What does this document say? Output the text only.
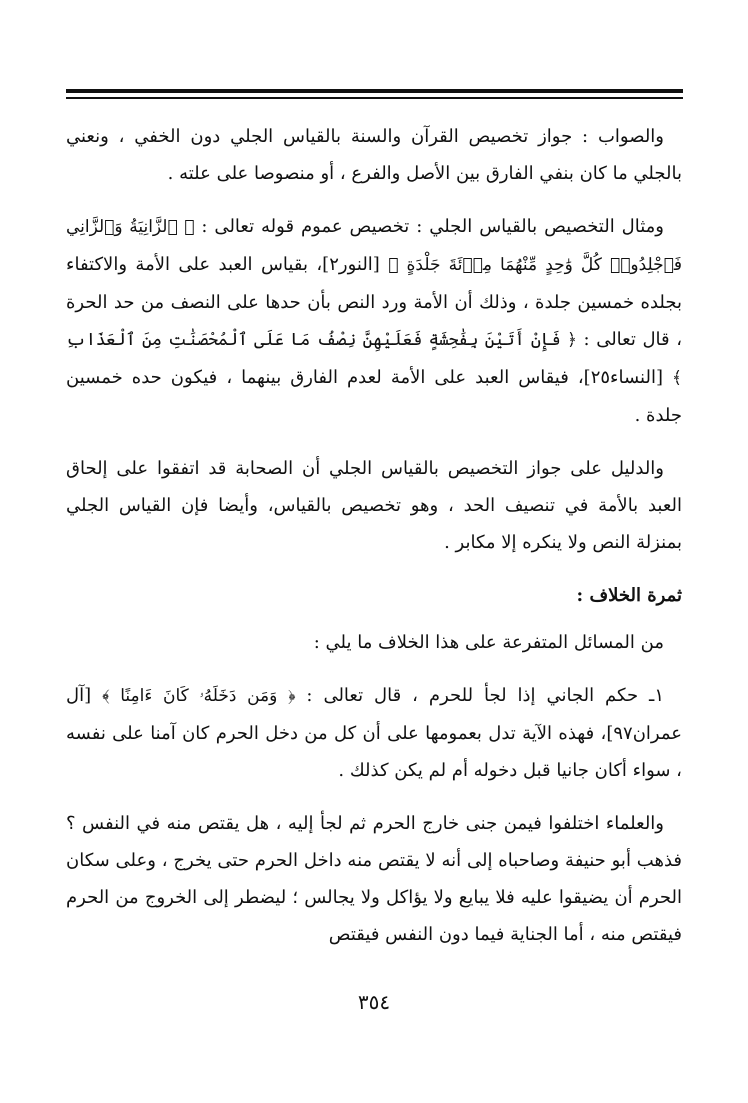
والصواب : جواز تخصيص القرآن والسنة بالقياس الجلي دون الخفي ، ونعني بالجلي ما كان بنفي الفارق بين الأصل والفرع ، أو منصوصا على علته .

ومثال التخصيص بالقياس الجلي : تخصيص عموم قوله تعالى : ﴿ ٱلزَّانِيَةُ وَٱلزَّانِي فَٱجْلِدُوا۟ كُلَّ وَٰحِدٍ مِّنْهُمَا مِا۟ئَةَ جَلْدَةٍ ﴾ [النور٢]، بقياس العبد على الأمة والاكتفاء بجلده خمسين جلدة ، وذلك أن الأمة ورد النص بأن حدها على النصف من حد الحرة ، قال تعالى : ﴿ فَإِنْ أَتَيْنَ بِفَٰحِشَةٍ فَعَلَيْهِنَّ نِصْفُ مَا عَلَى ٱلْمُحْصَنَٰتِ مِنَ ٱلْعَذَابِ ﴾ [النساء٢٥]، فيقاس العبد على الأمة لعدم الفارق بينهما ، فيكون حده خمسين جلدة .

والدليل على جواز التخصيص بالقياس الجلي أن الصحابة قد اتفقوا على إلحاق العبد بالأمة في تنصيف الحد ، وهو تخصيص بالقياس، وأيضا فإن القياس الجلي بمنزلة النص ولا ينكره إلا مكابر .

ثمرة الخلاف :

من المسائل المتفرعة على هذا الخلاف ما يلي :

١ـ حكم الجاني إذا لجأ للحرم ، قال تعالى : ﴿ وَمَن دَخَلَهُۥ كَانَ ءَامِنًا ﴾ [آل عمران٩٧]، فهذه الآية تدل بعمومها على أن كل من دخل الحرم كان آمنا على نفسه ، سواء أكان جانيا قبل دخوله أم لم يكن كذلك .

والعلماء اختلفوا فيمن جنى خارج الحرم ثم لجأ إليه ، هل يقتص منه في النفس ؟ فذهب أبو حنيفة وصاحباه إلى أنه لا يقتص منه داخل الحرم حتى يخرج ، وعلى سكان الحرم أن يضيقوا عليه فلا يبايع ولا يؤاكل ولا يجالس ؛ ليضطر إلى الخروج من الحرم فيقتص منه ، أما الجناية فيما دون النفس فيقتص

٣٥٤
